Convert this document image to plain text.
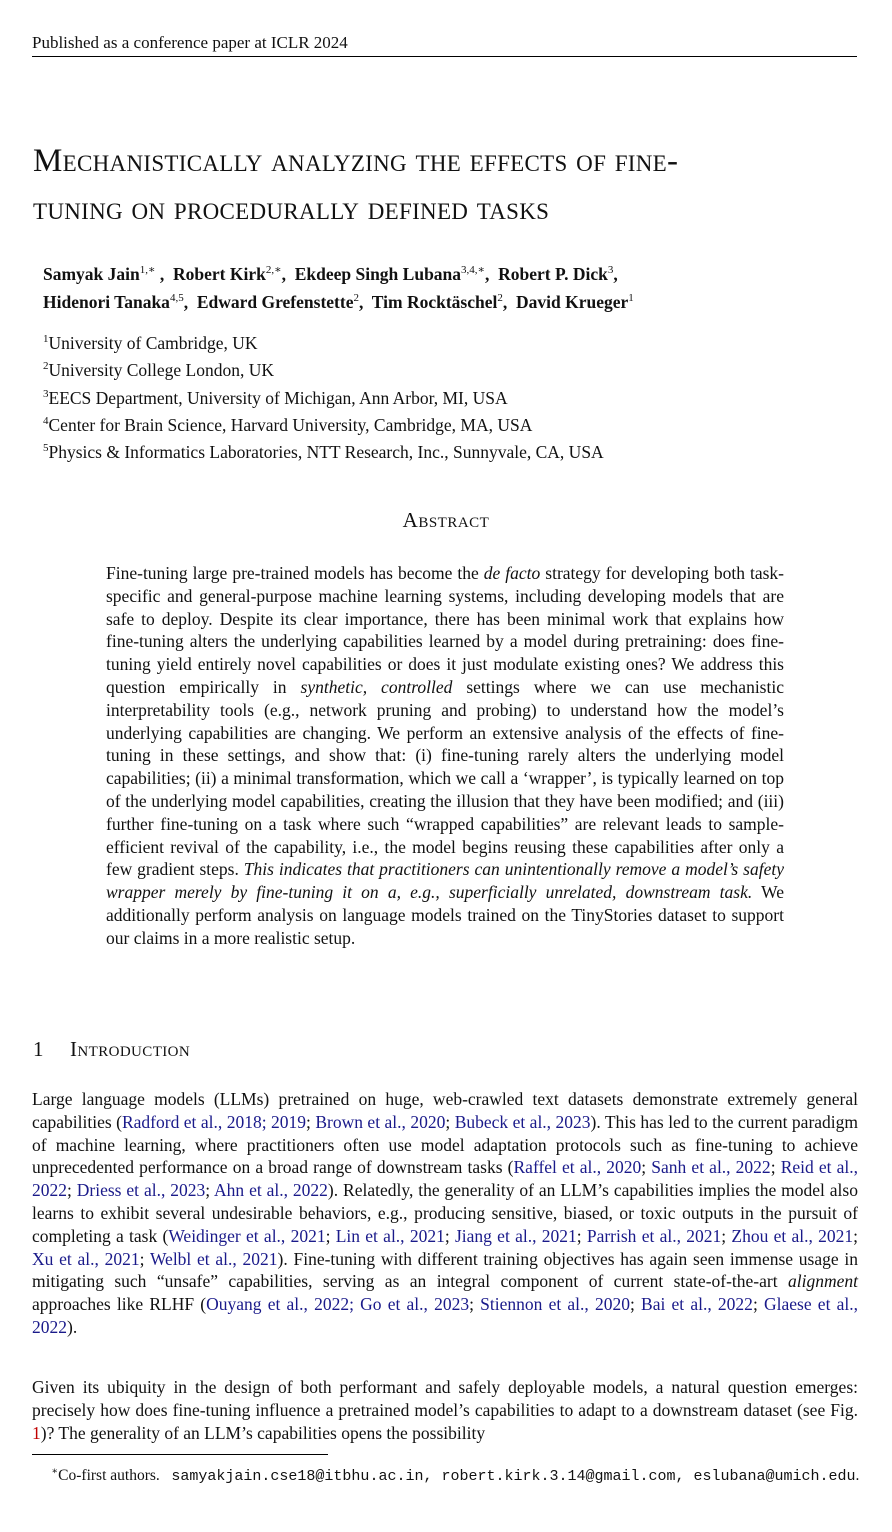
Published as a conference paper at ICLR 2024
Mechanistically analyzing the effects of fine-
tuning on procedurally defined tasks
Samyak Jain$^{1,∗}$ ,  Robert Kirk$^{2,∗}$,  Ekdeep Singh Lubana$^{3,4,∗}$,  Robert P. Dick$^3$,
Hidenori Tanaka$^{4,5}$,  Edward Grefenstette$^2$,  Tim Rocktäschel$^2$,  David Krueger$^1$
$^1$University of Cambridge, UK
$^2$University College London, UK
$^3$EECS Department, University of Michigan, Ann Arbor, MI, USA
$^4$Center for Brain Science, Harvard University, Cambridge, MA, USA
$^5$Physics & Informatics Laboratories, NTT Research, Inc., Sunnyvale, CA, USA
Abstract
Fine-tuning large pre-trained models has become the de facto strategy for developing both task-specific and general-purpose machine learning systems, including developing models that are safe to deploy. Despite its clear importance, there has been minimal work that explains how fine-tuning alters the underlying capabilities learned by a model during pretraining: does fine-tuning yield entirely novel capabilities or does it just modulate existing ones? We address this question empirically in synthetic, controlled settings where we can use mechanistic interpretability tools (e.g., network pruning and probing) to understand how the model’s underlying capabilities are changing. We perform an extensive analysis of the effects of fine-tuning in these settings, and show that: (i) fine-tuning rarely alters the underlying model capabilities; (ii) a minimal transformation, which we call a ‘wrapper’, is typically learned on top of the underlying model capabilities, creating the illusion that they have been modified; and (iii) further fine-tuning on a task where such “wrapped capabilities” are relevant leads to sample-efficient revival of the capability, i.e., the model begins reusing these capabilities after only a few gradient steps. This indicates that practitioners can unintentionally remove a model’s safety wrapper merely by fine-tuning it on a, e.g., superficially unrelated, downstream task. We additionally perform analysis on language models trained on the TinyStories dataset to support our claims in a more realistic setup.
1 Introduction

Large language models (LLMs) pretrained on huge, web-crawled text datasets demonstrate extremely general capabilities (Radford et al., 2018; 2019; Brown et al., 2020; Bubeck et al., 2023). This has led to the current paradigm of machine learning, where practitioners often use model adaptation protocols such as fine-tuning to achieve unprecedented performance on a broad range of downstream tasks (Raffel et al., 2020; Sanh et al., 2022; Reid et al., 2022; Driess et al., 2023; Ahn et al., 2022). Relatedly, the generality of an LLM’s capabilities implies the model also learns to exhibit several undesirable behaviors, e.g., producing sensitive, biased, or toxic outputs in the pursuit of completing a task (Weidinger et al., 2021; Lin et al., 2021; Jiang et al., 2021; Parrish et al., 2021; Zhou et al., 2021; Xu et al., 2021; Welbl et al., 2021). Fine-tuning with different training objectives has again seen immense usage in mitigating such “unsafe” capabilities, serving as an integral component of current state-of-the-art alignment approaches like RLHF (Ouyang et al., 2022; Go et al., 2023; Stiennon et al., 2020; Bai et al., 2022; Glaese et al., 2022).

Given its ubiquity in the design of both performant and safely deployable models, a natural question emerges: precisely how does fine-tuning influence a pretrained model’s capabilities to adapt to a downstream dataset (see Fig. 1)? The generality of an LLM’s capabilities opens the possibility

∗Co-first authors. samyakjain.cse18@itbhu.ac.in, robert.kirk.3.14@gmail.com, eslubana@umich.edu.
